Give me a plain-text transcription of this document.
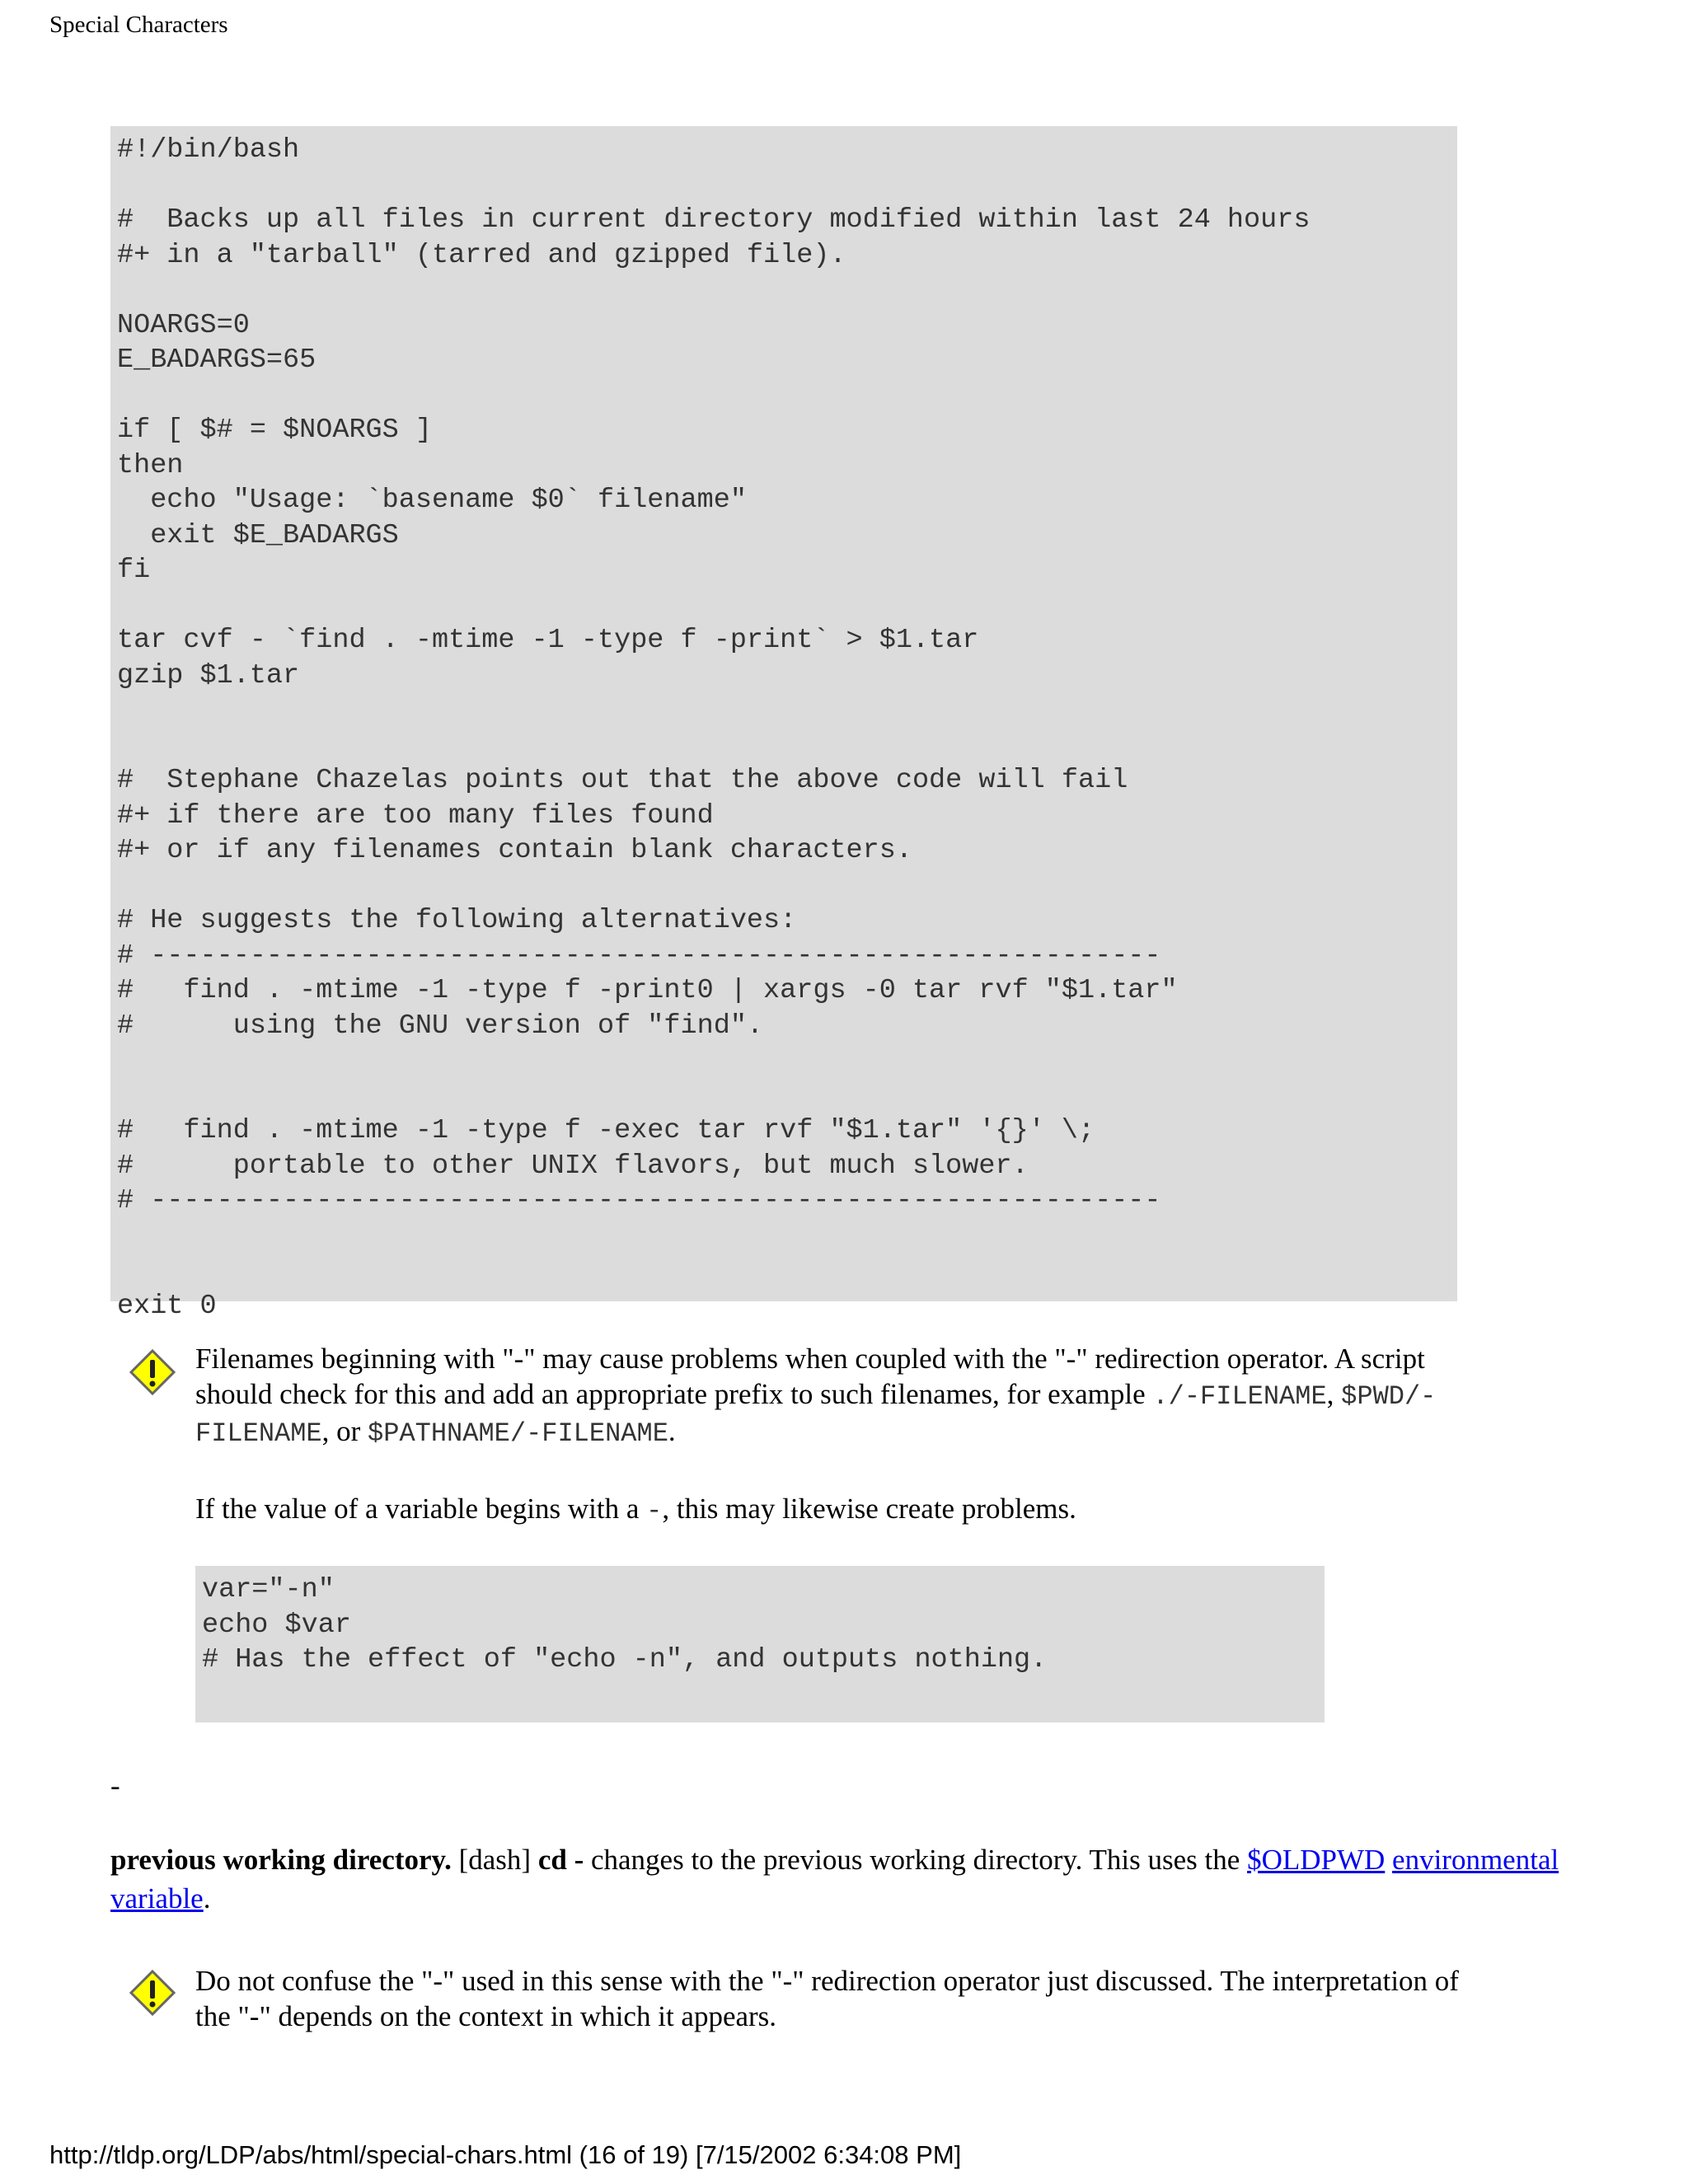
Special Characters
#!/bin/bash

#  Backs up all files in current directory modified within last 24 hours
#+ in a "tarball" (tarred and gzipped file).

NOARGS=0
E_BADARGS=65

if [ $# = $NOARGS ]
then
echo "Usage: `basename $0` filename"
exit $E_BADARGS
fi

tar cvf - `find . -mtime -1 -type f -print` > $1.tar
gzip $1.tar

#  Stephane Chazelas points out that the above code will fail
#+ if there are too many files found
#+ or if any filenames contain blank characters.

# He suggests the following alternatives:
# -------------------------------------------------------------
#   find . -mtime -1 -type f -print0 | xargs -0 tar rvf "$1.tar"
#      using the GNU version of "find".

#   find . -mtime -1 -type f -exec tar rvf "$1.tar" '{}' \;
#      portable to other UNIX flavors, but much slower.
# -------------------------------------------------------------

exit 0
Filenames beginning with "-" may cause problems when coupled with the "-" redirection operator. A script should check for this and add an appropriate prefix to such filenames, for example ./-FILENAME, $PWD/-FILENAME, or $PATHNAME/-FILENAME.
If the value of a variable begins with a -, this may likewise create problems.
var="-n"
echo $var
# Has the effect of "echo -n", and outputs nothing.
-
previous working directory. [dash] cd - changes to the previous working directory. This uses the $OLDPWD environmental variable.
Do not confuse the "-" used in this sense with the "-" redirection operator just discussed. The interpretation of the "-" depends on the context in which it appears.
http://tldp.org/LDP/abs/html/special-chars.html (16 of 19) [7/15/2002 6:34:08 PM]
